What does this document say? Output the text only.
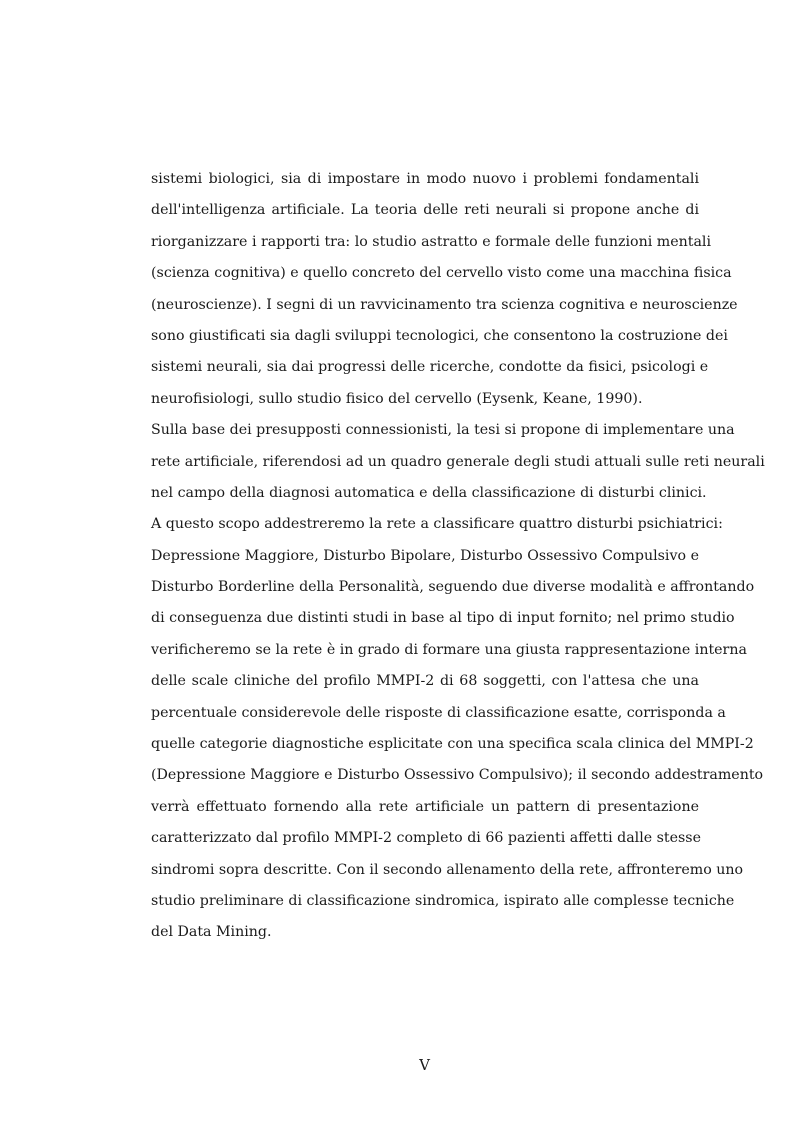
sistemi biologici, sia di impostare in modo nuovo i problemi fondamentali
dell'intelligenza artificiale. La teoria delle reti neurali si propone anche di
riorganizzare i rapporti tra: lo studio astratto e formale delle funzioni mentali
(scienza cognitiva) e quello concreto del cervello visto come una macchina fisica
(neuroscienze). I segni di un ravvicinamento tra scienza cognitiva e neuroscienze
sono giustificati sia dagli sviluppi tecnologici, che consentono la costruzione dei
sistemi neurali, sia dai progressi delle ricerche, condotte da fisici, psicologi e
neurofisiologi, sullo studio fisico del cervello (Eysenk, Keane, 1990).
Sulla base dei presupposti connessionisti, la tesi si propone di implementare una
rete artificiale, riferendosi ad un quadro generale degli studi attuali sulle reti neurali
nel campo della diagnosi automatica e della classificazione di disturbi clinici.
A questo scopo addestreremo la rete a classificare quattro disturbi psichiatrici:
Depressione Maggiore, Disturbo Bipolare, Disturbo Ossessivo Compulsivo e
Disturbo Borderline della Personalità, seguendo due diverse modalità e affrontando
di conseguenza due distinti studi in base al tipo di input fornito; nel primo studio
verificheremo se la rete è in grado di formare una giusta rappresentazione interna
delle scale cliniche del profilo MMPI-2 di 68 soggetti, con l'attesa che una
percentuale considerevole delle risposte di classificazione esatte, corrisponda a
quelle categorie diagnostiche esplicitate con una specifica scala clinica del MMPI-2
(Depressione Maggiore e Disturbo Ossessivo Compulsivo); il secondo addestramento
verrà effettuato fornendo alla rete artificiale un pattern di presentazione
caratterizzato dal profilo MMPI-2 completo di 66 pazienti affetti dalle stesse
sindromi sopra descritte. Con il secondo allenamento della rete, affronteremo uno
studio preliminare di classificazione sindromica, ispirato alle complesse tecniche
del Data Mining.
V
